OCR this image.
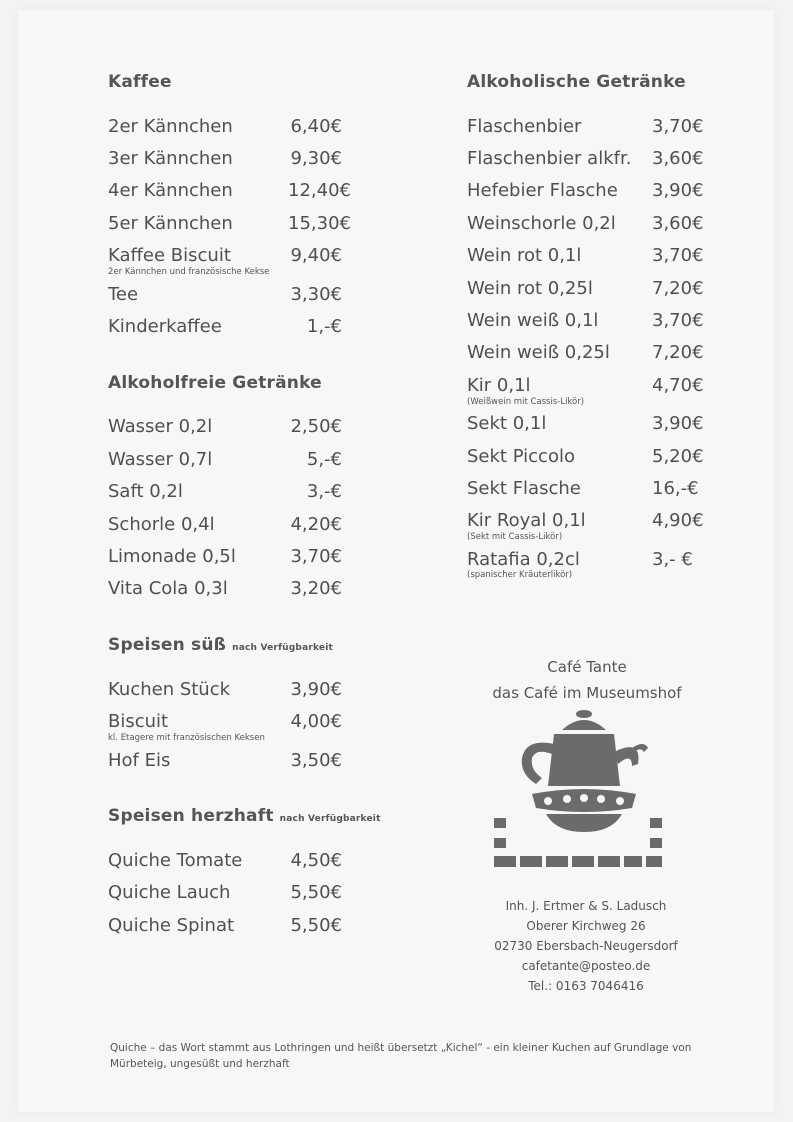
Kaffee
2er Kännchen	6,40€
3er Kännchen	9,30€
4er Kännchen	12,40€
5er Kännchen	15,30€
Kaffee Biscuit	9,40€
2er Kännchen und französische Kekse
Tee	3,30€
Kinderkaffee	1,-€
Alkoholfreie Getränke
Wasser 0,2l	2,50€
Wasser 0,7l	5,-€
Saft 0,2l	3,-€
Schorle 0,4l	4,20€
Limonade 0,5l	3,70€
Vita Cola 0,3l	3,20€
Speisen süß nach Verfügbarkeit
Kuchen Stück	3,90€
Biscuit	4,00€
kl. Etagere mit französischen Keksen
Hof Eis	3,50€
Speisen herzhaft nach Verfügbarkeit
Quiche Tomate	4,50€
Quiche Lauch	5,50€
Quiche Spinat	5,50€
Alkoholische Getränke
Flaschenbier	3,70€
Flaschenbier alkfr. 3,60€
Hefebier Flasche 3,90€
Weinschorle 0,2l 3,60€
Wein rot 0,1l	3,70€
Wein rot 0,25l	7,20€
Wein weiß 0,1l	3,70€
Wein weiß 0,25l 7,20€
Kir 0,1l	4,70€
(Weißwein mit Cassis-Likör)
Sekt 0,1l	3,90€
Sekt Piccolo	5,20€
Sekt Flasche	16,-€
Kir Royal 0,1l	4,90€
(Sekt mit Cassis-Likör)
Ratafia 0,2cl	3,- €
(spanischer Kräuterlikör)
Café Tante
das Café im Museumshof
Inh. J. Ertmer & S. Ladusch
Oberer Kirchweg 26
02730 Ebersbach-Neugersdorf
cafetante@posteo.de
Tel.: 0163 7046416
Quiche – das Wort stammt aus Lothringen und heißt übersetzt „Kichel“ - ein kleiner Kuchen auf Grundlage von Mürbeteig, ungesüßt und herzhaft
